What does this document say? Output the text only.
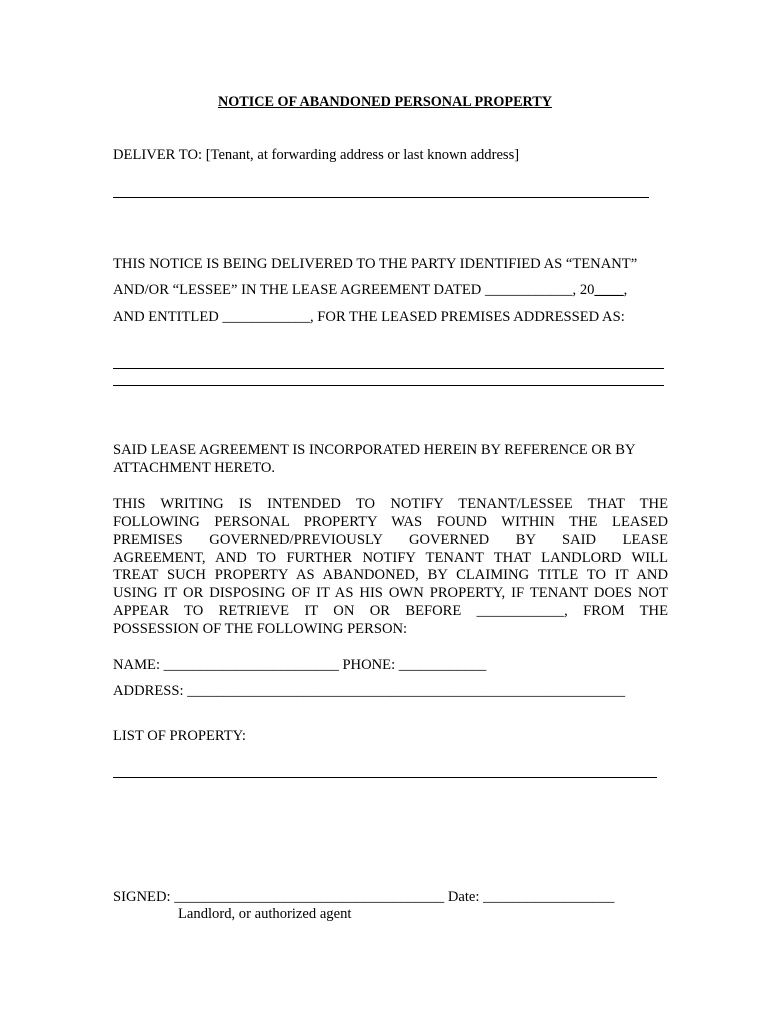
NOTICE OF ABANDONED PERSONAL PROPERTY
DELIVER TO: [Tenant, at forwarding address or last known address]
THIS NOTICE IS BEING DELIVERED TO THE PARTY IDENTIFIED AS “TENANT”
AND/OR “LESSEE” IN THE LEASE AGREEMENT DATED ____________, 20____,
AND ENTITLED ____________, FOR THE LEASED PREMISES ADDRESSED AS:
SAID LEASE AGREEMENT IS INCORPORATED HEREIN BY REFERENCE OR BY
ATTACHMENT HERETO.
THIS WRITING IS INTENDED TO NOTIFY TENANT/LESSEE THAT THE
FOLLOWING PERSONAL PROPERTY WAS FOUND WITHIN THE LEASED
PREMISES GOVERNED/PREVIOUSLY GOVERNED BY SAID LEASE
AGREEMENT, AND TO FURTHER NOTIFY TENANT THAT LANDLORD WILL
TREAT SUCH PROPERTY AS ABANDONED, BY CLAIMING TITLE TO IT AND
USING IT OR DISPOSING OF IT AS HIS OWN PROPERTY, IF TENANT DOES NOT
APPEAR TO RETRIEVE IT ON OR BEFORE ____________, FROM THE
POSSESSION OF THE FOLLOWING PERSON:
NAME: ________________________ PHONE: ____________
ADDRESS: ____________________________________________________________
LIST OF PROPERTY:
SIGNED: _____________________________________ Date: __________________
Landlord, or authorized agent
